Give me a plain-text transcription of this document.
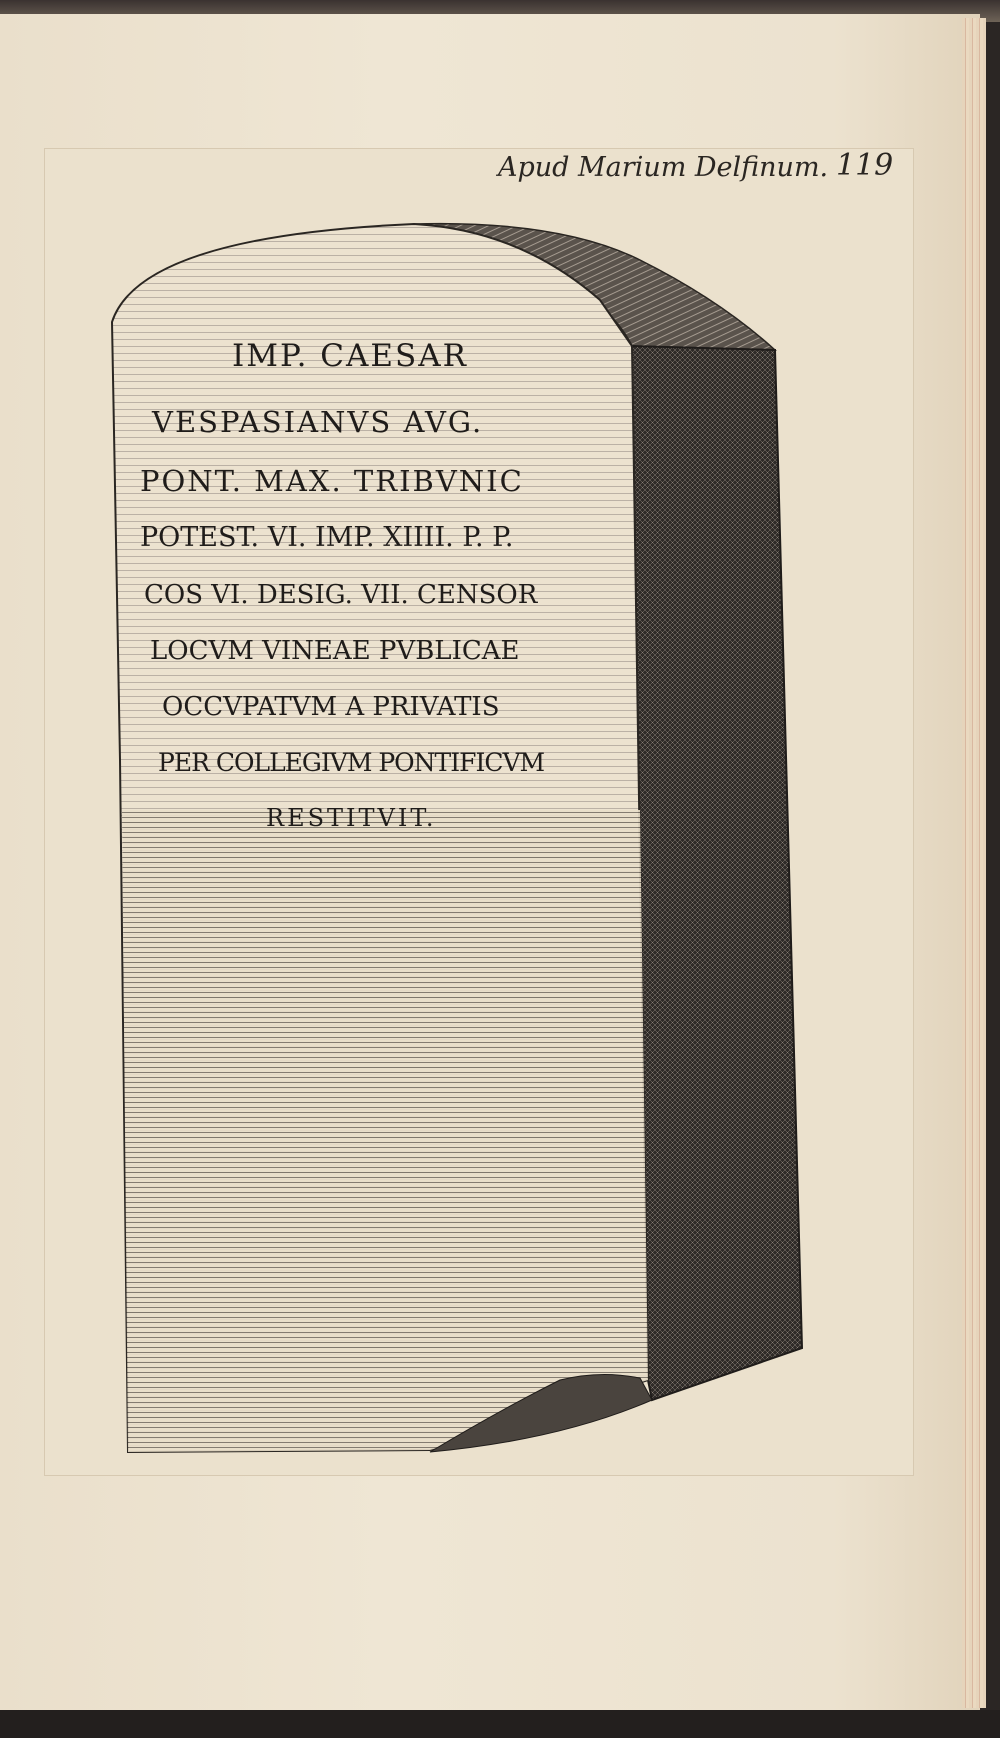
Apud Marium Delfinum. 119
IMP. CAESAR
VESPASIANVS AVG.
PONT. MAX. TRIBVNIC
POTEST. VI. IMP. XIIII. P. P.
COS VI. DESIG. VII. CENSOR
LOCVM VINEAE PVBLICAE
OCCVPATVM A PRIVATIS
PER COLLEGIVM PONTIFICVM
RESTITVIT.
